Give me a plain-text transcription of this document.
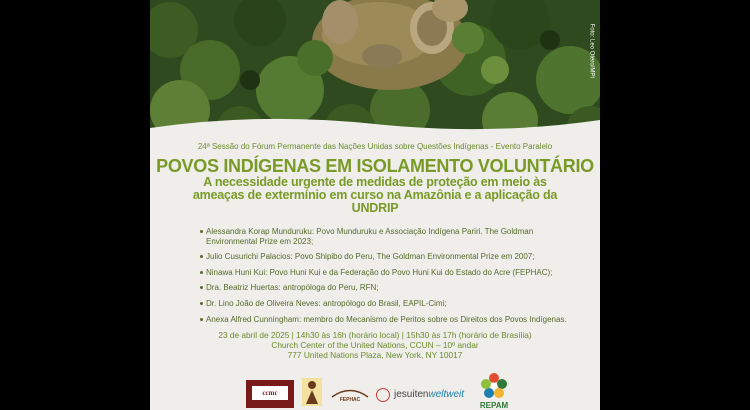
Foto: Leo Otero/MPI
24ª Sessão do Fórum Permanente das Nações Unidas sobre Questões Indígenas - Evento Paralelo
POVOS INDÍGENAS EM ISOLAMENTO VOLUNTÁRIO
A necessidade urgente de medidas de proteção em meio às ameaças de extermínio em curso na Amazônia e a aplicação da UNDRIP
Alessandra Korap Munduruku: Povo Munduruku e Associação Indígena Pariri. The Goldman Environmental Prize em 2023;
Julio Cusurichi Palacios: Povo Shipibo do Peru, The Goldman Environmental Prize em 2007;
Ninawa Huni Kui: Povo Huni Kui e da Federação do Povo Huni Kui do Estado do Acre (FEPHAC);
Dra. Beatriz Huertas: antropóloga do Peru, RFN;
Dr. Lino João de Oliveira Neves: antropólogo do Brasil, EAPIL-Cimi;
Anexa Alfred Cunningham: membro do Mecanismo de Peritos sobre os Direitos dos Povos Indígenas.
23 de abril de 2025 | 14h30 às 16h (horário local) | 15h30 às 17h (horário de Brasília)
Church Center of the United Nations, CCUN – 10º andar
777 United Nations Plaza, New York, NY 10017
ccmc
FEPHAC	jesuitenweltweit
REPAM
